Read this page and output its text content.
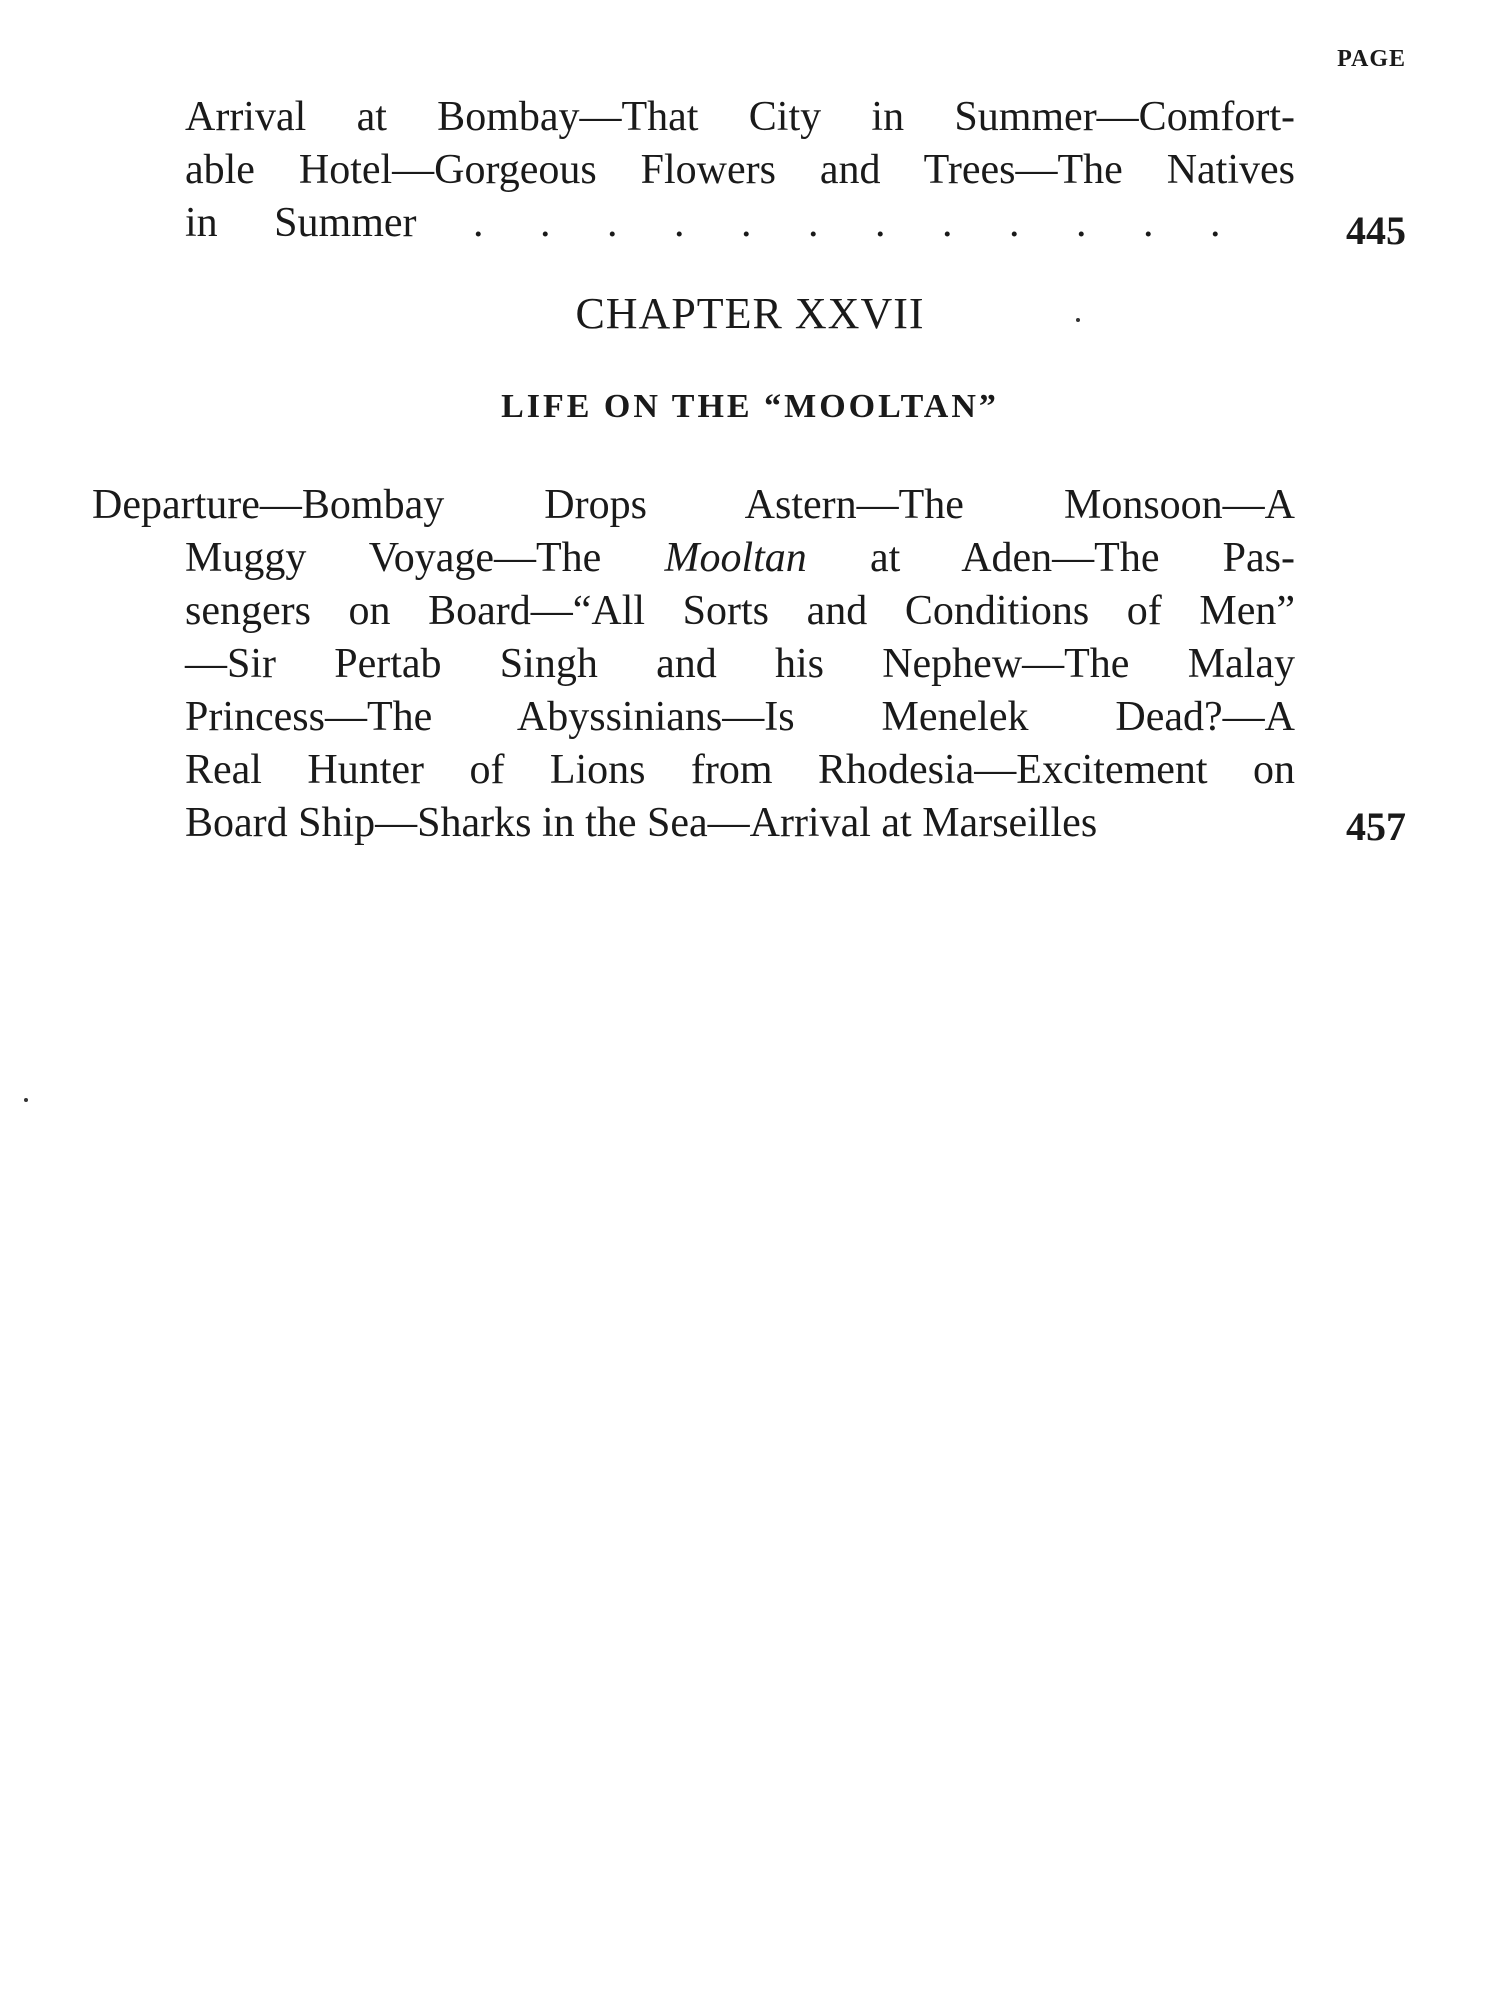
PAGE
Arrival at Bombay—That City in Summer—Comfort-
able Hotel—Gorgeous Flowers and Trees—The Natives
in Summer . . . . . . . . . . . .	445
CHAPTER XXVII
LIFE ON THE “MOOLTAN”
Departure—Bombay Drops Astern—The Monsoon—A
Muggy Voyage—The Mooltan at Aden—The Pas-
sengers on Board—“All Sorts and Conditions of Men”
—Sir Pertab Singh and his Nephew—The Malay
Princess—The Abyssinians—Is Menelek Dead?—A
Real Hunter of Lions from Rhodesia—Excitement on
Board Ship—Sharks in the Sea—Arrival at Marseilles	457
